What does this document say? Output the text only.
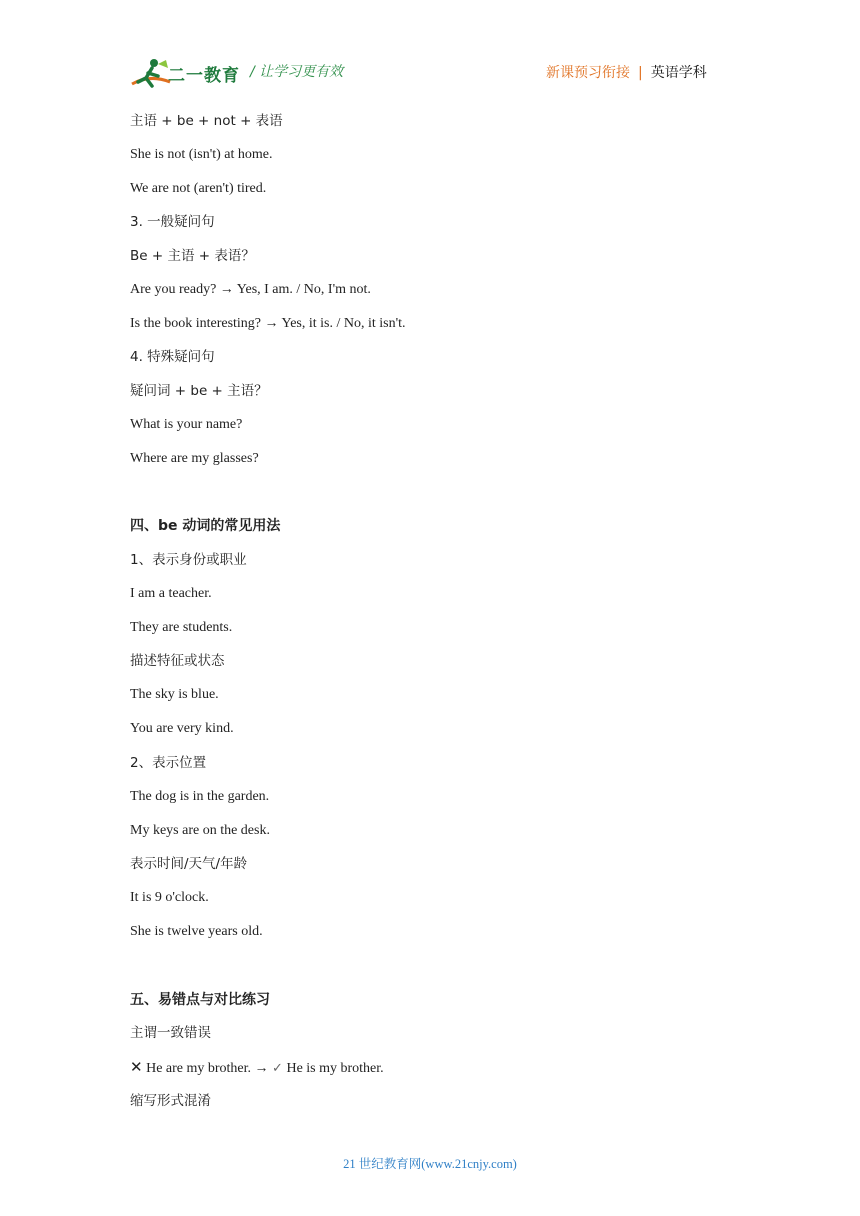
二一教育 / 让学习更有效	新课预习衔接 | 英语学科
主语 + be + not + 表语
She is not (isn't) at home.
We are not (aren't) tired.
3. 一般疑问句
Be + 主语 + 表语？
Are you ready? → Yes, I am. / No, I'm not.
Is the book interesting? → Yes, it is. / No, it isn't.
4. 特殊疑问句
疑问词 + be + 主语？
What is your name?
Where are my glasses?
四、be 动词的常见用法
1、表示身份或职业
I am a teacher.
They are students.
描述特征或状态
The sky is blue.
You are very kind.
2、表示位置
The dog is in the garden.
My keys are on the desk.
表示时间/天气/年龄
It is 9 o'clock.
She is twelve years old.
五、易错点与对比练习
主谓一致错误
✕ He are my brother. → ✓ He is my brother.
缩写形式混淆
21 世纪教育网(www.21cnjy.com)
